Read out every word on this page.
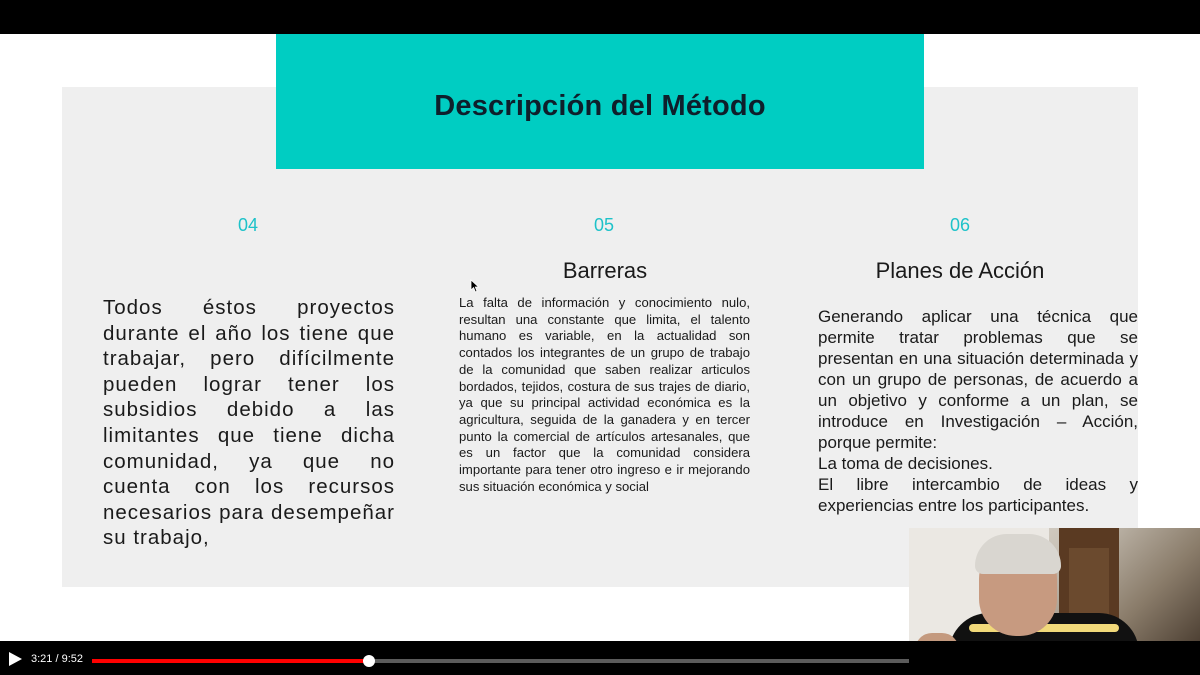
Descripción del Método
04	05	06
Barreras	Planes de Acción
Todos éstos proyectos durante el año los tiene que trabajar, pero difícilmente pueden lograr tener los subsidios debido a las limitantes que tiene dicha comunidad, ya que no cuenta con los recursos necesarios para desempeñar su trabajo,
La falta de información y conocimiento nulo, resultan una constante que limita, el talento humano es variable, en la actualidad son contados los integrantes de un grupo de trabajo de la comunidad que saben realizar articulos bordados, tejidos, costura de sus trajes de diario, ya que su principal actividad económica es la agricultura, seguida de la ganadera y en tercer punto la comercial de artículos artesanales, que es un factor que la comunidad considera importante para tener otro ingreso e ir mejorando sus situación económica y social

Generando aplicar una técnica que permite tratar problemas que se presentan en una situación determinada y con un grupo de personas, de acuerdo a un objetivo y conforme a un plan, se introduce en Investigación – Acción, porque permite:

La toma de decisiones.

El libre intercambio de ideas y experiencias entre los participantes.

3:21 / 9:52
